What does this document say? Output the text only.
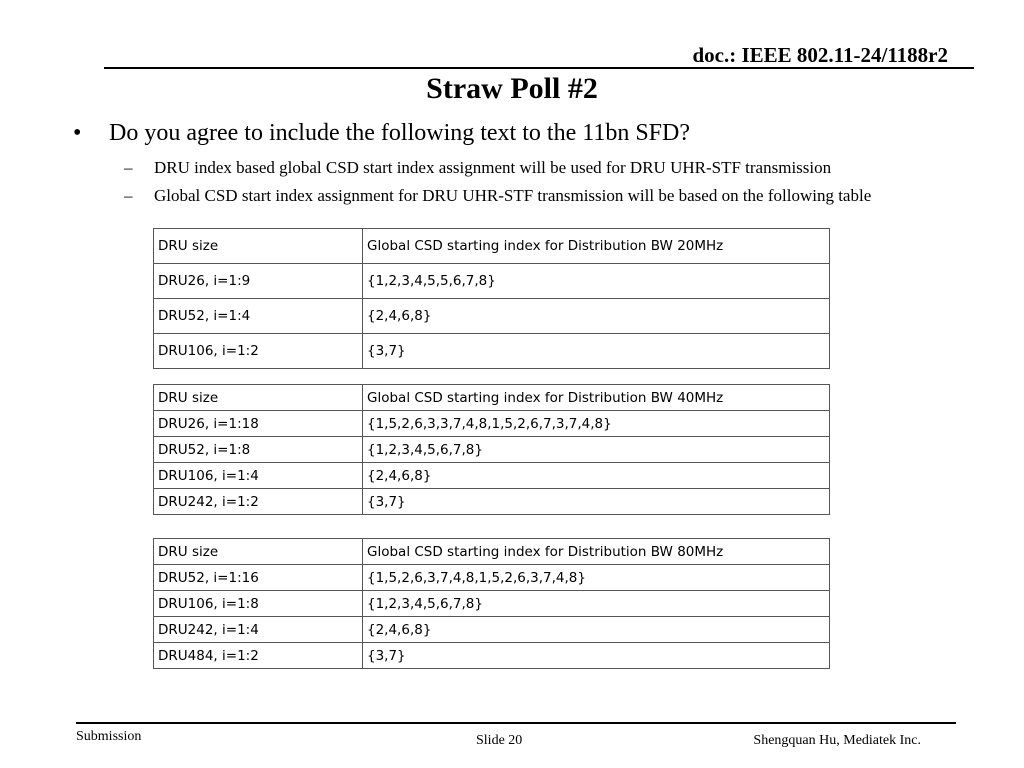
doc.: IEEE 802.11-24/1188r2
Straw Poll #2
• Do you agree to include the following text to the 11bn SFD?
– DRU index based global CSD start index assignment will be used for DRU UHR-STF transmission
– Global CSD start index assignment for DRU UHR-STF transmission will be based on the following table
DRU size	Global CSD starting index for Distribution BW 20MHz
DRU26, i=1:9	{1,2,3,4,5,5,6,7,8}
DRU52, i=1:4	{2,4,6,8}
DRU106, i=1:2	{3,7}
DRU size	Global CSD starting index for Distribution BW 40MHz
DRU26, i=1:18	{1,5,2,6,3,3,7,4,8,1,5,2,6,7,3,7,4,8}
DRU52, i=1:8	{1,2,3,4,5,6,7,8}
DRU106, i=1:4	{2,4,6,8}
DRU242, i=1:2	{3,7}
DRU size	Global CSD starting index for Distribution BW 80MHz
DRU52, i=1:16	{1,5,2,6,3,7,4,8,1,5,2,6,3,7,4,8}
DRU106, i=1:8	{1,2,3,4,5,6,7,8}
DRU242, i=1:4	{2,4,6,8}
DRU484, i=1:2	{3,7}
Submission	Slide 20	Shengquan Hu, Mediatek Inc.
